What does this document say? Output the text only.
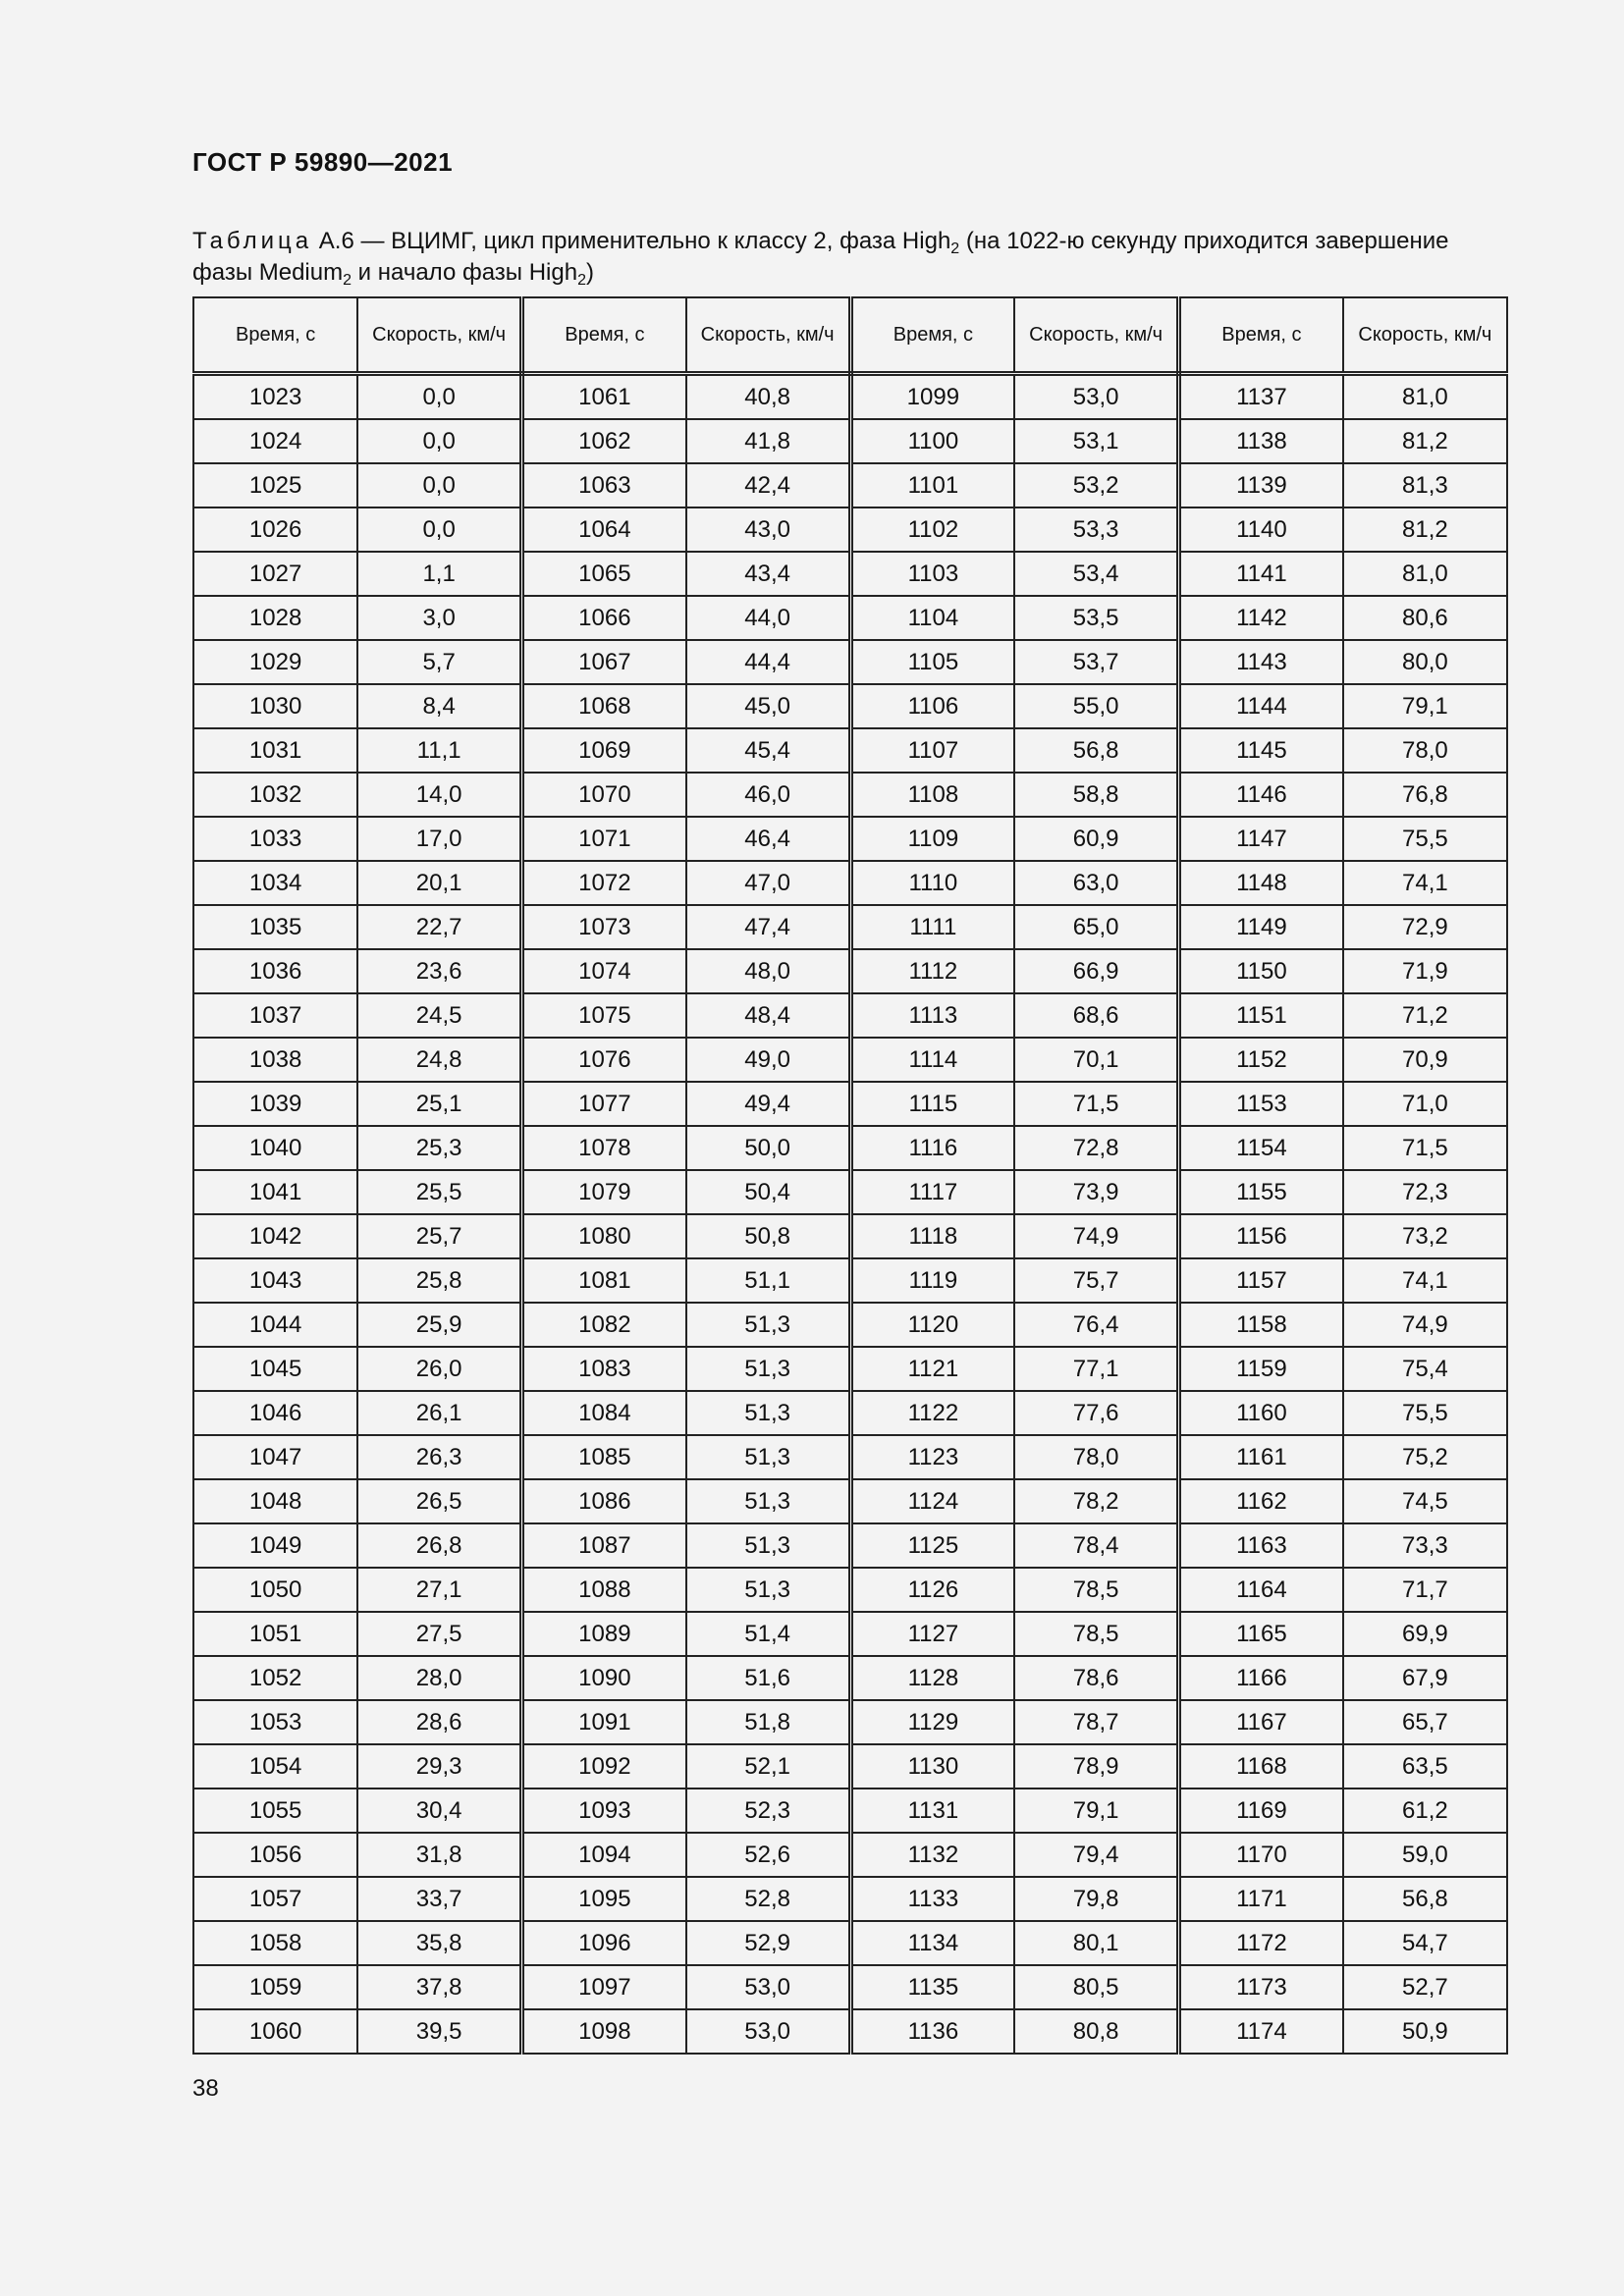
ГОСТ Р 59890—2021
Таблица А.6 — ВЦИМГ, цикл применительно к классу 2, фаза High$_2$ (на 1022-ю секунду приходится завершение фазы Medium$_2$ и начало фазы High$_2$)
Время, с	Скорость, км/ч	Время, с	Скорость, км/ч	Время, с	Скорость, км/ч	Время, с	Скорость, км/ч
1023	0,0	1061	40,8	1099	53,0	1137	81,0
1024	0,0	1062	41,8	1100	53,1	1138	81,2
1025	0,0	1063	42,4	1101	53,2	1139	81,3
1026	0,0	1064	43,0	1102	53,3	1140	81,2
1027	1,1	1065	43,4	1103	53,4	1141	81,0
1028	3,0	1066	44,0	1104	53,5	1142	80,6
1029	5,7	1067	44,4	1105	53,7	1143	80,0
1030	8,4	1068	45,0	1106	55,0	1144	79,1
1031	11,1	1069	45,4	1107	56,8	1145	78,0
1032	14,0	1070	46,0	1108	58,8	1146	76,8
1033	17,0	1071	46,4	1109	60,9	1147	75,5
1034	20,1	1072	47,0	1110	63,0	1148	74,1
1035	22,7	1073	47,4	1111	65,0	1149	72,9
1036	23,6	1074	48,0	1112	66,9	1150	71,9
1037	24,5	1075	48,4	1113	68,6	1151	71,2
1038	24,8	1076	49,0	1114	70,1	1152	70,9
1039	25,1	1077	49,4	1115	71,5	1153	71,0
1040	25,3	1078	50,0	1116	72,8	1154	71,5
1041	25,5	1079	50,4	1117	73,9	1155	72,3
1042	25,7	1080	50,8	1118	74,9	1156	73,2
1043	25,8	1081	51,1	1119	75,7	1157	74,1
1044	25,9	1082	51,3	1120	76,4	1158	74,9
1045	26,0	1083	51,3	1121	77,1	1159	75,4
1046	26,1	1084	51,3	1122	77,6	1160	75,5
1047	26,3	1085	51,3	1123	78,0	1161	75,2
1048	26,5	1086	51,3	1124	78,2	1162	74,5
1049	26,8	1087	51,3	1125	78,4	1163	73,3
1050	27,1	1088	51,3	1126	78,5	1164	71,7
1051	27,5	1089	51,4	1127	78,5	1165	69,9
1052	28,0	1090	51,6	1128	78,6	1166	67,9
1053	28,6	1091	51,8	1129	78,7	1167	65,7
1054	29,3	1092	52,1	1130	78,9	1168	63,5
1055	30,4	1093	52,3	1131	79,1	1169	61,2
1056	31,8	1094	52,6	1132	79,4	1170	59,0
1057	33,7	1095	52,8	1133	79,8	1171	56,8
1058	35,8	1096	52,9	1134	80,1	1172	54,7
1059	37,8	1097	53,0	1135	80,5	1173	52,7
1060	39,5	1098	53,0	1136	80,8	1174	50,9
38
